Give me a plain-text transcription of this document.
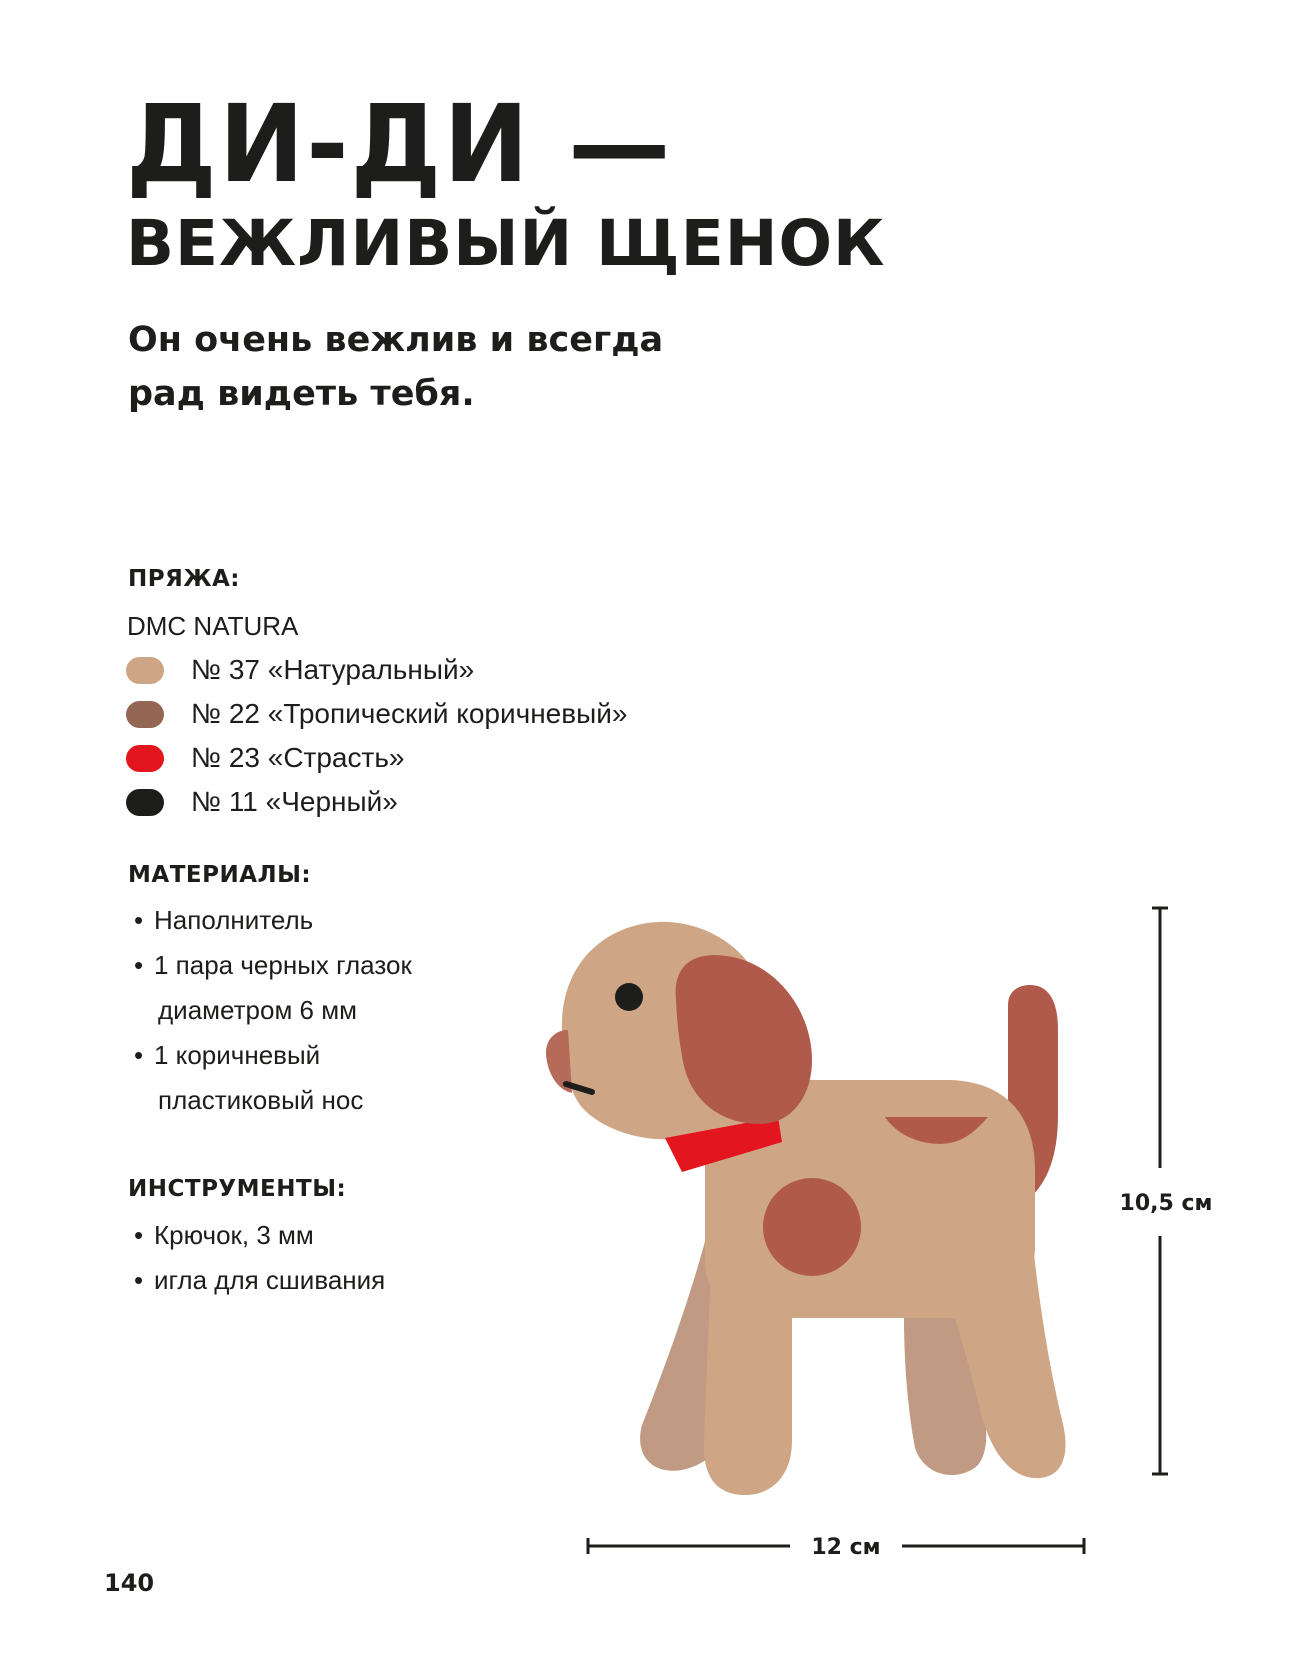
ДИ-ДИ —
ВЕЖЛИВЫЙ ЩЕНОК

Он очень вежлив и всегда рад видеть тебя.

ПРЯЖА:
DMC NATURA
№ 37 «Натуральный»
№ 22 «Тропический коричневый»
№ 23 «Страсть»
№ 11 «Черный»
МАТЕРИАЛЫ:
• Наполнитель
• 1 пара черных глазок
диаметром 6 мм
• 1 коричневый
пластиковый нос
ИНСТРУМЕНТЫ:
• Крючок, 3 мм
• игла для сшивания
10,5 см
12 см
140
